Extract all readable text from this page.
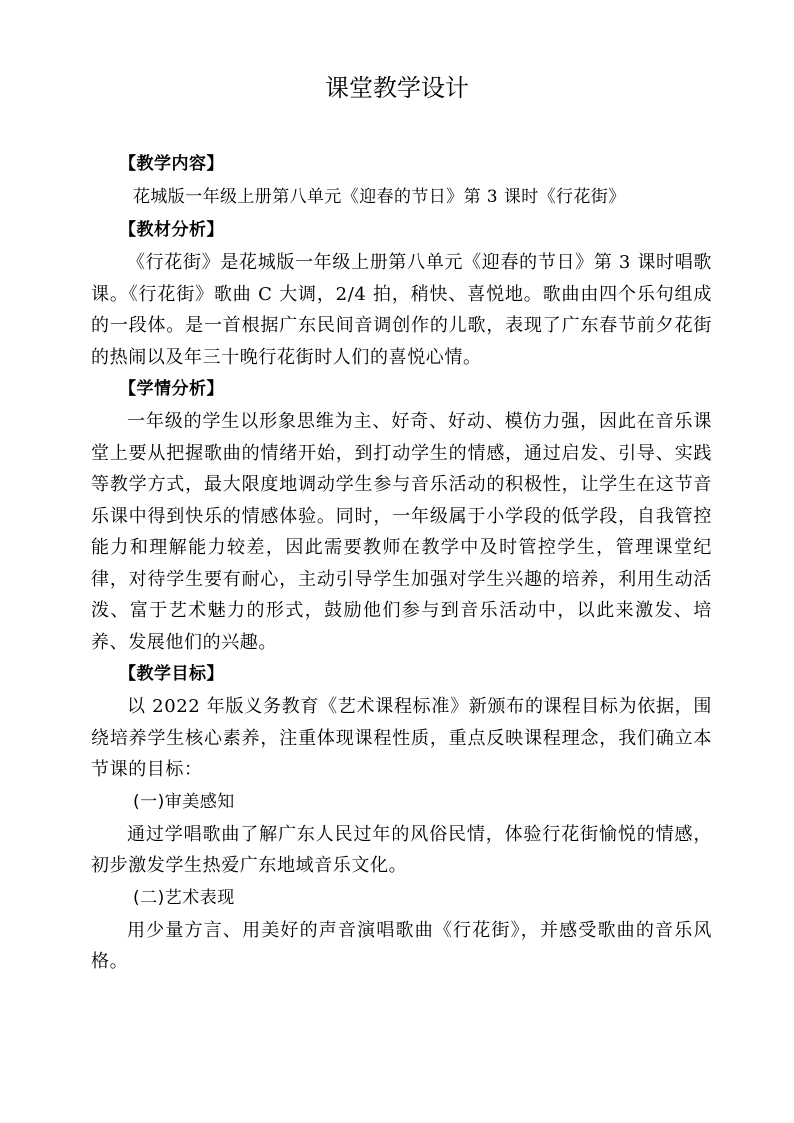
课堂教学设计
【教学内容】
花城版一年级上册第八单元《迎春的节日》第 3 课时《行花街》
【教材分析】

《行花街》是花城版一年级上册第八单元《迎春的节日》第 3 课时唱歌课。《行花街》歌曲 C 大调，2/4 拍，稍快、喜悦地。歌曲由四个乐句组成的一段体。是一首根据广东民间音调创作的儿歌，表现了广东春节前夕花街的热闹以及年三十晚行花街时人们的喜悦心情。

【学情分析】

一年级的学生以形象思维为主、好奇、好动、模仿力强，因此在音乐课堂上要从把握歌曲的情绪开始，到打动学生的情感，通过启发、引导、实践等教学方式，最大限度地调动学生参与音乐活动的积极性，让学生在这节音乐课中得到快乐的情感体验。同时，一年级属于小学段的低学段，自我管控能力和理解能力较差，因此需要教师在教学中及时管控学生，管理课堂纪律，对待学生要有耐心，主动引导学生加强对学生兴趣的培养，利用生动活泼、富于艺术魅力的形式，鼓励他们参与到音乐活动中，以此来激发、培养、发展他们的兴趣。

【教学目标】

以 2022 年版义务教育《艺术课程标准》新颁布的课程目标为依据，围绕培养学生核心素养，注重体现课程性质，重点反映课程理念，我们确立本节课的目标：

(一)审美感知

通过学唱歌曲了解广东人民过年的风俗民情，体验行花街愉悦的情感，初步激发学生热爱广东地域音乐文化。

(二)艺术表现

用少量方言、用美好的声音演唱歌曲《行花街》，并感受歌曲的音乐风格。
